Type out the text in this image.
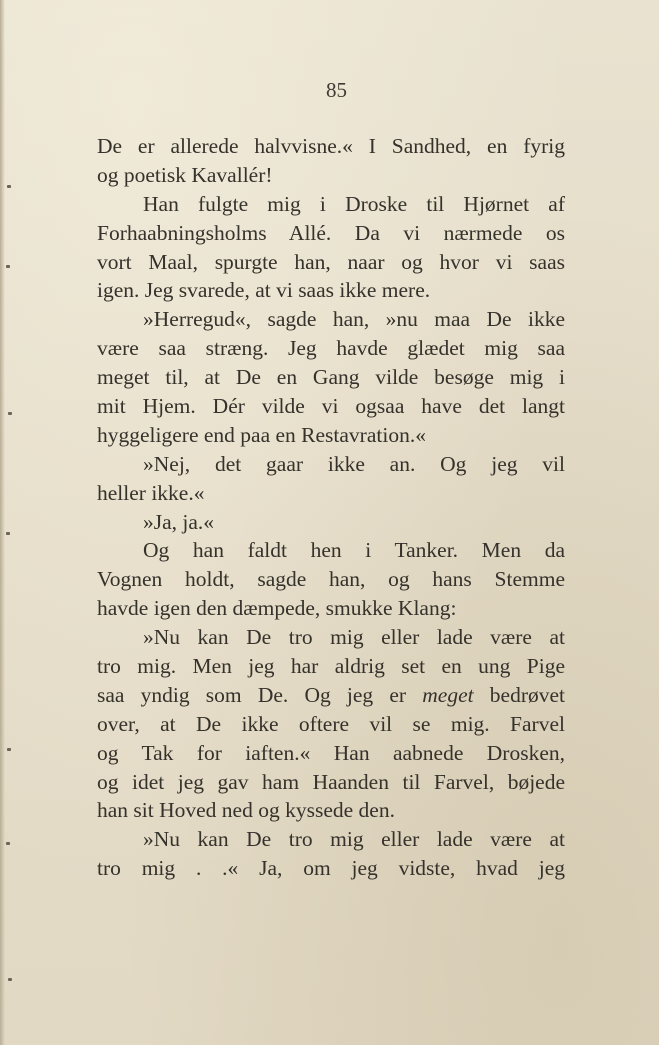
85
De er allerede halvvisne.« I Sandhed, en fyrig
og poetisk Kavallér!
Han fulgte mig i Droske til Hjørnet af
Forhaabningsholms Allé. Da vi nærmede os
vort Maal, spurgte han, naar og hvor vi saas
igen. Jeg svarede, at vi saas ikke mere.
»Herregud«, sagde han, »nu maa De ikke
være saa stræng. Jeg havde glædet mig saa
meget til, at De en Gang vilde besøge mig i
mit Hjem. Dér vilde vi ogsaa have det langt
hyggeligere end paa en Restavration.«
»Nej, det gaar ikke an. Og jeg vil
heller ikke.«
»Ja, ja.«
Og han faldt hen i Tanker. Men da
Vognen holdt, sagde han, og hans Stemme
havde igen den dæmpede, smukke Klang:
»Nu kan De tro mig eller lade være at
tro mig. Men jeg har aldrig set en ung Pige
saa yndig som De. Og jeg er meget bedrøvet
over, at De ikke oftere vil se mig. Farvel
og Tak for iaften.« Han aabnede Drosken,
og idet jeg gav ham Haanden til Farvel, bøjede
han sit Hoved ned og kyssede den.
»Nu kan De tro mig eller lade være at
tro mig . .« Ja, om jeg vidste, hvad jeg
